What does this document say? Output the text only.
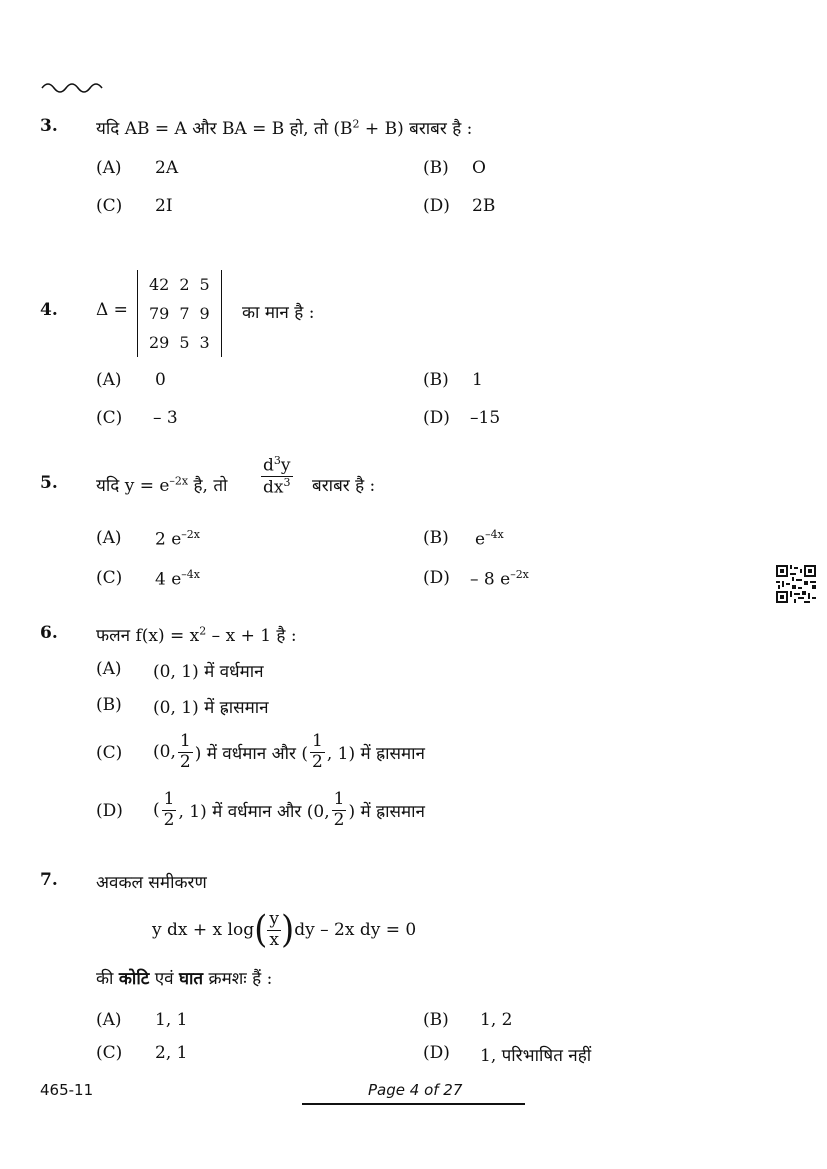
3. यदि AB = A और BA = B हो, तो $(B^2 + B)$ बराबर है :
(A) 2A	(B) O
(C) 2I	(D) 2B
4. Δ =
42	2	5
79	7	9
29	5	3
का मान है :
(A) 0	(B) 1
(C) – 3	(D) –15
5. यदि $y = e^{-2x}$ है, तो $\frac{d^3y}{dx^3}$ बराबर है :
(A) 2 $e^{-2x}$	(B) $e^{-4x}$
(C) 4 $e^{-4x}$	(D) – 8 $e^{-2x}$
6. फलन $f(x) = x^2 - x + 1$ है :
(A) (0, 1) में वर्धमान
(B) (0, 1) में ह्रासमान
(C) (0, $\frac{1}{2}$ ) में वर्धमान और ( $\frac{1}{2}$ , 1) में ह्रासमान
(D) ( $\frac{1}{2}$ , 1) में वर्धमान और (0, $\frac{1}{2}$ ) में ह्रासमान
7. अवकल समीकरण
y dx + x log ( $\frac{y}{x}$ ) dy – 2x dy = 0
की कोटि एवं घात क्रमशः हैं :
(A) 1, 1	(B) 1, 2
(C) 2, 1	(D) 1, परिभाषित नहीं
465-11	Page 4 of 27
